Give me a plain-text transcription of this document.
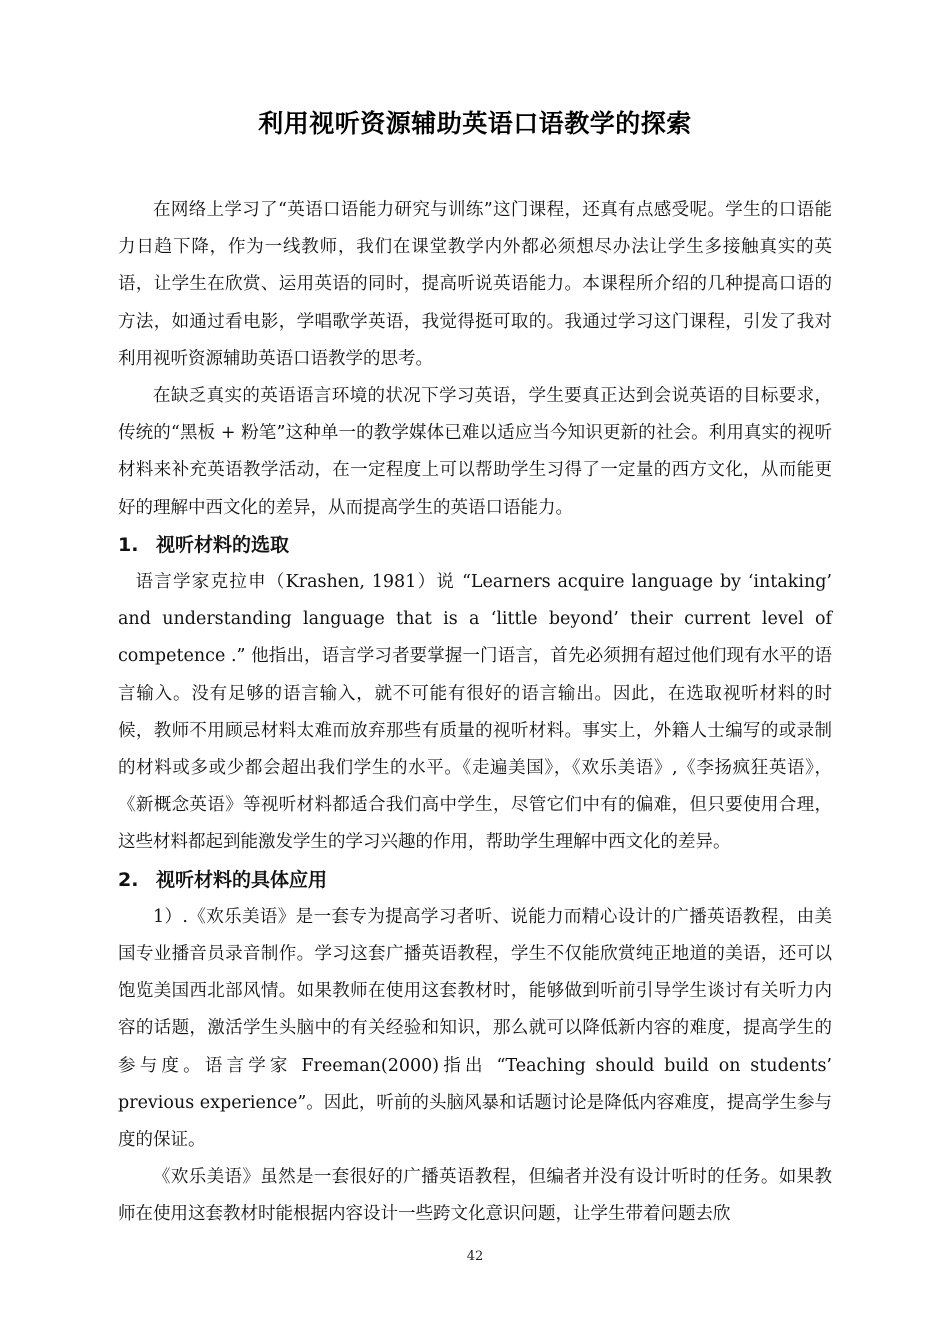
利用视听资源辅助英语口语教学的探索

在网络上学习了“英语口语能力研究与训练”这门课程，还真有点感受呢。学生的口语能力日趋下降，作为一线教师，我们在课堂教学内外都必须想尽办法让学生多接触真实的英语，让学生在欣赏、运用英语的同时，提高听说英语能力。本课程所介绍的几种提高口语的方法，如通过看电影，学唱歌学英语，我觉得挺可取的。我通过学习这门课程，引发了我对利用视听资源辅助英语口语教学的思考。

在缺乏真实的英语语言环境的状况下学习英语，学生要真正达到会说英语的目标要求，传统的“黑板 + 粉笔”这种单一的教学媒体已难以适应当今知识更新的社会。利用真实的视听材料来补充英语教学活动，在一定程度上可以帮助学生习得了一定量的西方文化，从而能更好的理解中西文化的差异，从而提高学生的英语口语能力。

1. 视听材料的选取

语言学家克拉申（Krashen, 1981）说 “Learners acquire language by ‘intaking’ and understanding language that is a ‘little beyond’ their current level of competence .” 他指出，语言学习者要掌握一门语言，首先必须拥有超过他们现有水平的语言输入。没有足够的语言输入，就不可能有很好的语言输出。因此，在选取视听材料的时候，教师不用顾忌材料太难而放弃那些有质量的视听材料。事实上，外籍人士编写的或录制的材料或多或少都会超出我们学生的水平。《走遍美国》，《欢乐美语》,《李扬疯狂英语》，《新概念英语》等视听材料都适合我们高中学生，尽管它们中有的偏难，但只要使用合理，这些材料都起到能激发学生的学习兴趣的作用，帮助学生理解中西文化的差异。

2. 视听材料的具体应用

1）.《欢乐美语》是一套专为提高学习者听、说能力而精心设计的广播英语教程，由美国专业播音员录音制作。学习这套广播英语教程，学生不仅能欣赏纯正地道的美语，还可以饱览美国西北部风情。如果教师在使用这套教材时，能够做到听前引导学生谈讨有关听力内容的话题，激活学生头脑中的有关经验和知识，那么就可以降低新内容的难度，提高学生的参与度。语言学家 Freeman(2000)指出 “Teaching should build on students’ previous experience”。因此，听前的头脑风暴和话题讨论是降低内容难度，提高学生参与度的保证。

《欢乐美语》虽然是一套很好的广播英语教程，但编者并没有设计听时的任务。如果教师在使用这套教材时能根据内容设计一些跨文化意识问题，让学生带着问题去欣

42
